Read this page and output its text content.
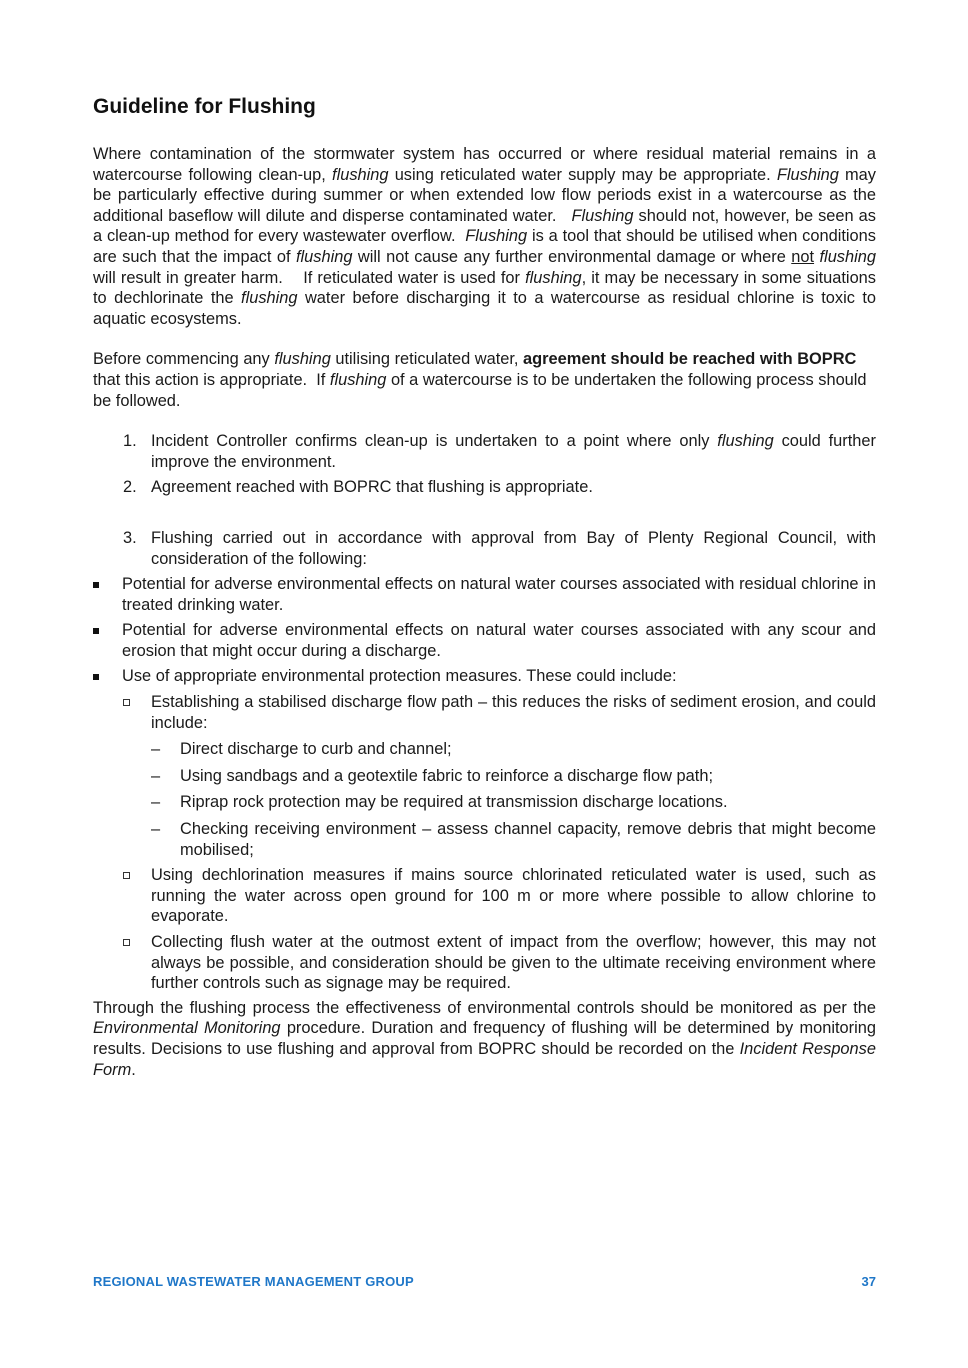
Guideline for Flushing

Where contamination of the stormwater system has occurred or where residual material remains in a watercourse following clean-up, flushing using reticulated water supply may be appropriate. Flushing may be particularly effective during summer or when extended low flow periods exist in a watercourse as the additional baseflow will dilute and disperse contaminated water.   Flushing should not, however, be seen as a clean-up method for every wastewater overflow.  Flushing is a tool that should be utilised when conditions are such that the impact of flushing will not cause any further environmental damage or where not flushing will result in greater harm.    If reticulated water is used for flushing, it may be necessary in some situations to dechlorinate the flushing water before discharging it to a watercourse as residual chlorine is toxic to aquatic ecosystems.

Before commencing any flushing utilising reticulated water, agreement should be reached with BOPRC that this action is appropriate.  If flushing of a watercourse is to be undertaken the following process should be followed.

1. Incident Controller confirms clean-up is undertaken to a point where only flushing could further improve the environment.
2. Agreement reached with BOPRC that flushing is appropriate.
3. Flushing carried out in accordance with approval from Bay of Plenty Regional Council, with consideration of the following:
Potential for adverse environmental effects on natural water courses associated with residual chlorine in treated drinking water.
Potential for adverse environmental effects on natural water courses associated with any scour and erosion that might occur during a discharge.
Use of appropriate environmental protection measures. These could include:
Establishing a stabilised discharge flow path – this reduces the risks of sediment erosion, and could include:
– Direct discharge to curb and channel;
– Using sandbags and a geotextile fabric to reinforce a discharge flow path;
– Riprap rock protection may be required at transmission discharge locations.
– Checking receiving environment – assess channel capacity, remove debris that might become mobilised;
Using dechlorination measures if mains source chlorinated reticulated water is used, such as running the water across open ground for 100 m or more where possible to allow chlorine to evaporate.
Collecting flush water at the outmost extent of impact from the overflow; however, this may not always be possible, and consideration should be given to the ultimate receiving environment where further controls such as signage may be required.

Through the flushing process the effectiveness of environmental controls should be monitored as per the Environmental Monitoring procedure. Duration and frequency of flushing will be determined by monitoring results. Decisions to use flushing and approval from BOPRC should be recorded on the Incident Response Form.

REGIONAL WASTEWATER MANAGEMENT GROUP	37
